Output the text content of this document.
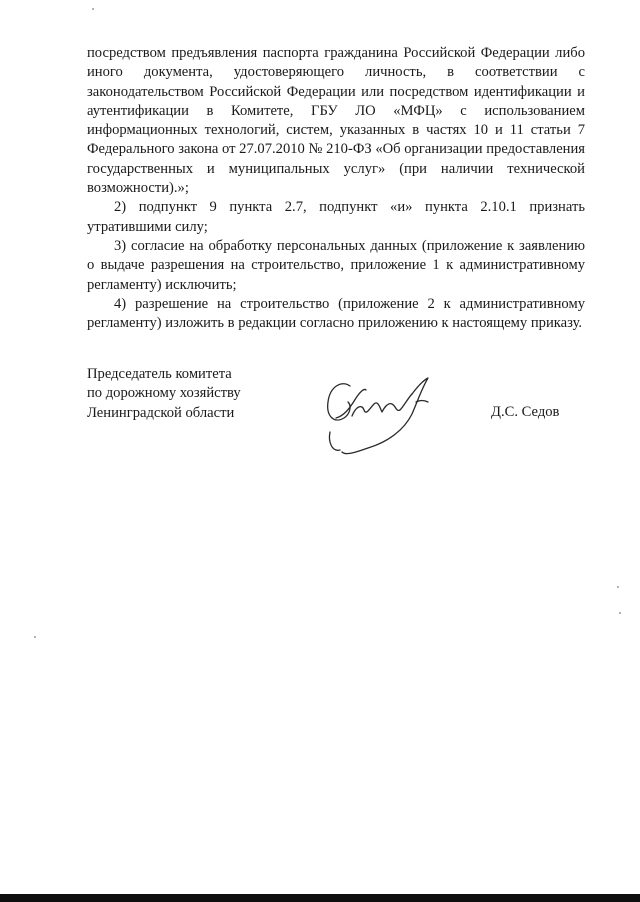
посредством предъявления паспорта гражданина Российской Федерации либо иного документа, удостоверяющего личность, в соответствии с законодательством Российской Федерации или посредством идентификации и аутентификации в Комитете, ГБУ ЛО «МФЦ» с использованием информационных технологий, систем, указанных в частях 10 и 11 статьи 7 Федерального закона от 27.07.2010 № 210-ФЗ «Об организации предоставления государственных и муниципальных услуг» (при наличии технической возможности).»;

2) подпункт 9 пункта 2.7, подпункт «и» пункта 2.10.1 признать утратившими силу;

3) согласие на обработку персональных данных (приложение к заявлению о выдаче разрешения на строительство, приложение 1 к административному регламенту) исключить;

4) разрешение на строительство (приложение 2 к административному регламенту) изложить в редакции согласно приложению к настоящему приказу.

Председатель комитета
по дорожному хозяйству
Ленинградской области	Д.С. Седов
